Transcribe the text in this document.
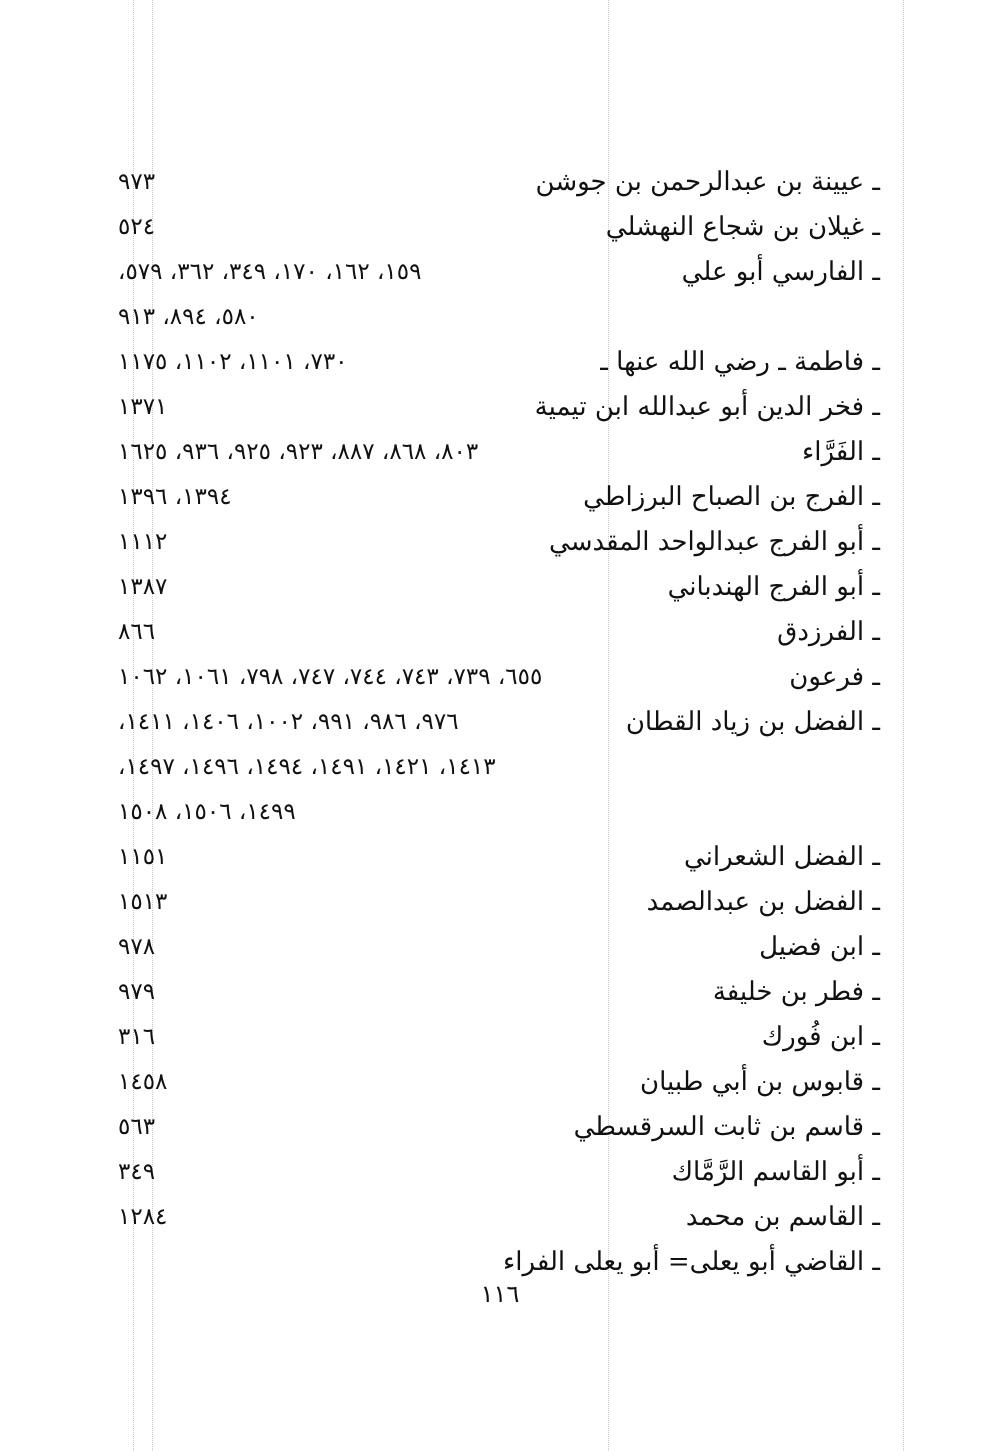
ـ عيينة بن عبدالرحمن بن جوشن
٩٧٣
ـ غيلان بن شجاع النهشلي
٥٢٤
ـ الفارسي أبو علي
١٥٩، ١٦٢، ١٧٠، ٣٤٩، ٣٦٢، ٥٧٩،
٥٨٠، ٨٩٤، ٩١٣
ـ فاطمة ـ رضي الله عنها ـ
٧٣٠، ١١٠١، ١١٠٢، ١١٧٥
ـ فخر الدين أبو عبدالله ابن تيمية
١٣٧١
ـ الفَرَّاء
٨٠٣، ٨٦٨، ٨٨٧، ٩٢٣، ٩٢٥، ٩٣٦، ١٦٢٥
ـ الفرج بن الصباح البرزاطي
١٣٩٤، ١٣٩٦
ـ أبو الفرج عبدالواحد المقدسي
١١١٢
ـ أبو الفرج الهندباني
١٣٨٧
ـ الفرزدق
٨٦٦
ـ فرعون
٦٥٥، ٧٣٩، ٧٤٣، ٧٤٤، ٧٤٧، ٧٩٨، ١٠٦١، ١٠٦٢
ـ الفضل بن زياد القطان
٩٧٦، ٩٨٦، ٩٩١، ١٠٠٢، ١٤٠٦، ١٤١١،
١٤١٣، ١٤٢١، ١٤٩١، ١٤٩٤، ١٤٩٦، ١٤٩٧،
١٤٩٩، ١٥٠٦، ١٥٠٨
ـ الفضل الشعراني
١١٥١
ـ الفضل بن عبدالصمد
١٥١٣
ـ ابن فضيل
٩٧٨
ـ فطر بن خليفة
٩٧٩
ـ ابن فُورك
٣١٦
ـ قابوس بن أبي طبيان
١٤٥٨
ـ قاسم بن ثابت السرقسطي
٥٦٣
ـ أبو القاسم الرَّمَّاك
٣٤٩
ـ القاسم بن محمد
١٢٨٤
ـ القاضي أبو يعلى= أبو يعلى الفراء
١١٦
